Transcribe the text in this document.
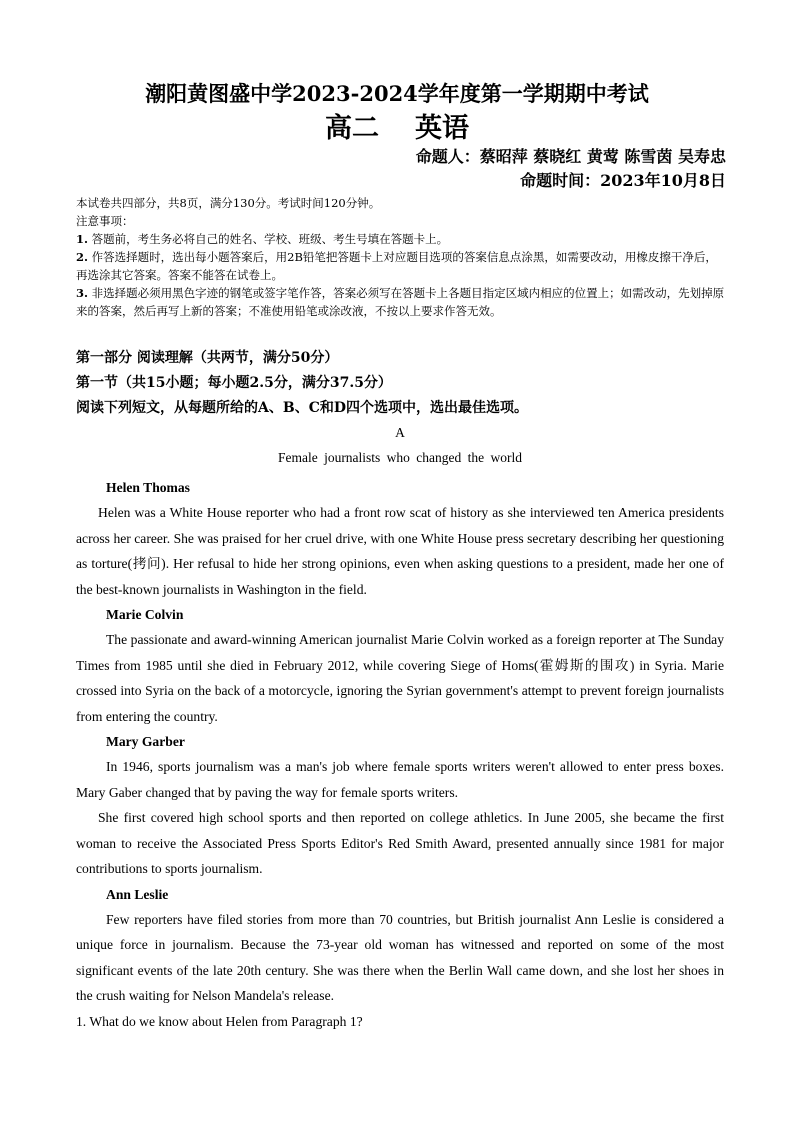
潮阳黄图盛中学2023-2024学年度第一学期期中考试
高二 英语
命题人：蔡昭萍 蔡晓红 黄莺 陈雪茵 吴寿忠
命题时间：2023年10月8日

本试卷共四部分，共8页，满分130分。考试时间120分钟。

注意事项：

1. 答题前，考生务必将自己的姓名、学校、班级、考生号填在答题卡上。

2. 作答选择题时，选出每小题答案后，用2B铅笔把答题卡上对应题目选项的答案信息点涂黑，如需要改动，用橡皮擦干净后，再选涂其它答案。答案不能答在试卷上。

3. 非选择题必须用黑色字迹的钢笔或签字笔作答，答案必须写在答题卡上各题目指定区域内相应的位置上；如需改动，先划掉原来的答案，然后再写上新的答案；不准使用铅笔或涂改液，不按以上要求作答无效。

第一部分 阅读理解（共两节，满分50分）

第一节（共15小题；每小题2.5分，满分37.5分）

阅读下列短文，从每题所给的A、B、C和D四个选项中，选出最佳选项。

A
Female journalists who changed the world
Helen Thomas

Helen was a White House reporter who had a front row scat of history as she interviewed ten America presidents across her career. She was praised for her cruel drive, with one White House press secretary describing her questioning as torture(拷问). Her refusal to hide her strong opinions, even when asking questions to a president, made her one of the best-known journalists in Washington in the field.

Marie Colvin

The passionate and award-winning American journalist Marie Colvin worked as a foreign reporter at The Sunday Times from 1985 until she died in February 2012, while covering Siege of Homs(霍姆斯的围攻) in Syria. Marie crossed into Syria on the back of a motorcycle, ignoring the Syrian government's attempt to prevent foreign journalists from entering the country.

Mary Garber

In 1946, sports journalism was a man's job where female sports writers weren't allowed to enter press boxes. Mary Gaber changed that by paving the way for female sports writers.

She first covered high school sports and then reported on college athletics. In June 2005, she became the first woman to receive the Associated Press Sports Editor's Red Smith Award, presented annually since 1981 for major contributions to sports journalism.

Ann Leslie

Few reporters have filed stories from more than 70 countries, but British journalist Ann Leslie is considered a unique force in journalism. Because the 73-year old woman has witnessed and reported on some of the most significant events of the late 20th century. She was there when the Berlin Wall came down, and she lost her shoes in the crush waiting for Nelson Mandela's release.

1. What do we know about Helen from Paragraph 1?
